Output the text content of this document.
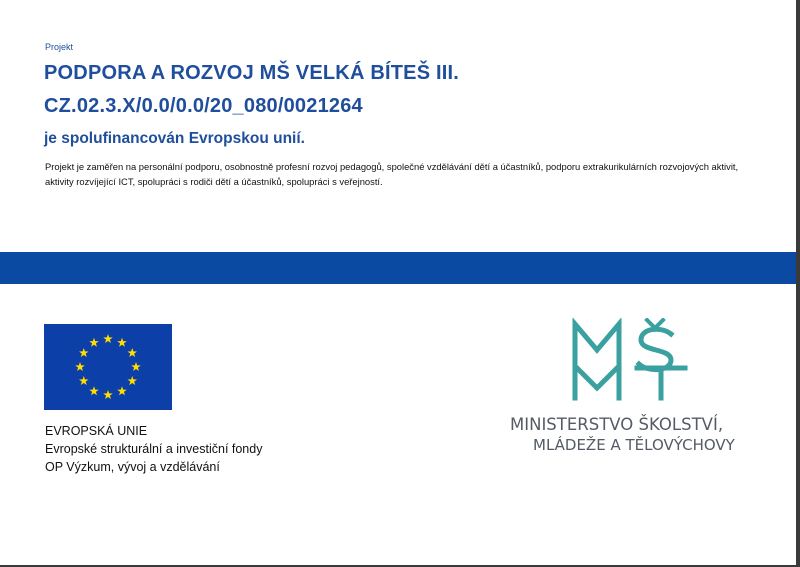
Projekt
PODPORA A ROZVOJ MŠ VELKÁ BÍTEŠ III.
CZ.02.3.X/0.0/0.0/20_080/0021264
je spolufinancován Evropskou unií.
Projekt je zaměřen na personální podporu, osobnostně profesní rozvoj pedagogů, společné vzdělávání dětí a účastníků, podporu extrakurikulárních rozvojových aktivit, aktivity rozvíjející ICT, spolupráci s rodiči dětí a účastníků, spolupráci s veřejností.
EVROPSKÁ UNIE
Evropské strukturální a investiční fondy
OP Výzkum, vývoj a vzdělávání
MINISTERSTVO ŠKOLSTVÍ,
MLÁDEŽE A TĚLOVÝCHOVY
